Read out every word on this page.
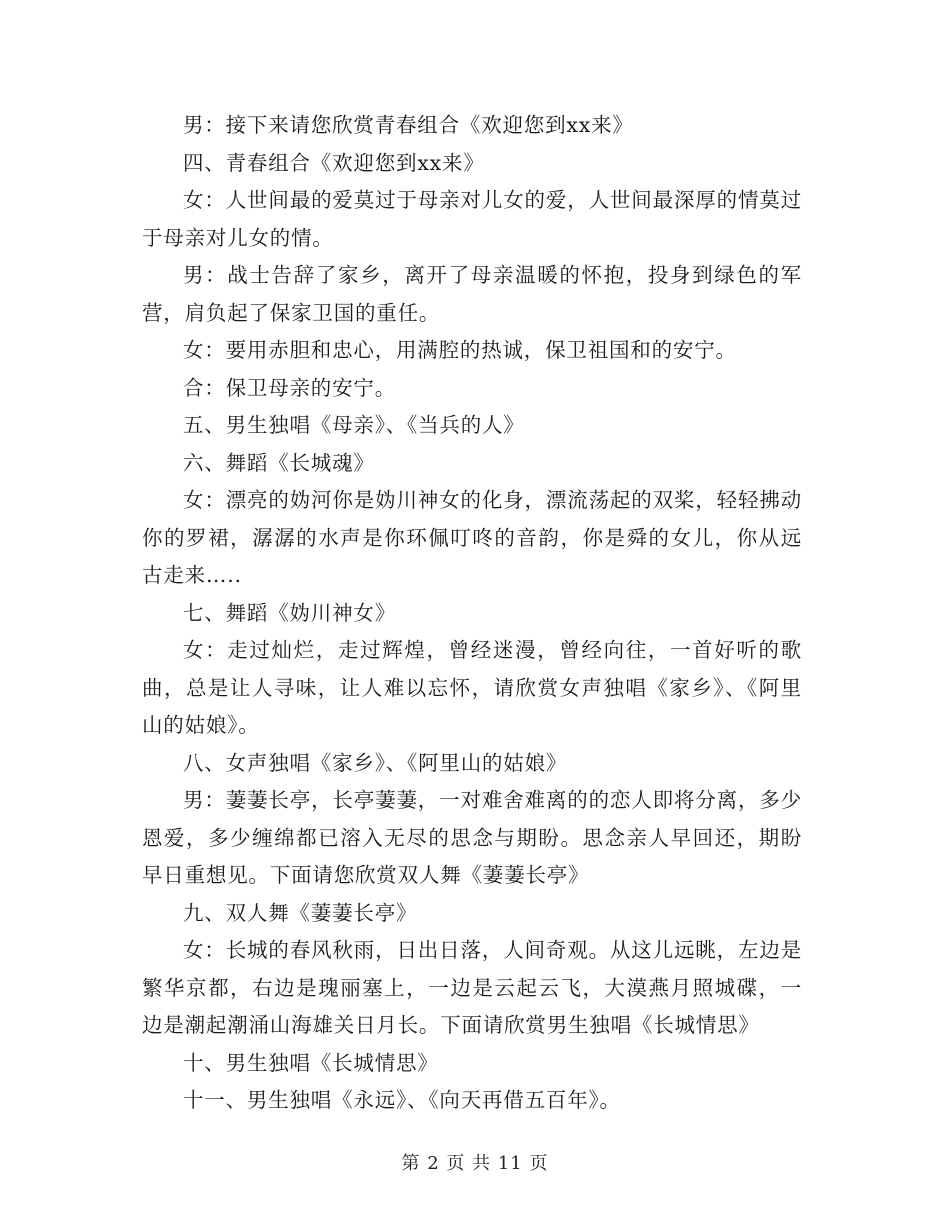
男：接下来请您欣赏青春组合《欢迎您到xx来》

四、青春组合《欢迎您到xx来》

女：人世间最的爱莫过于母亲对儿女的爱，人世间最深厚的情莫过于母亲对儿女的情。

男：战士告辞了家乡，离开了母亲温暖的怀抱，投身到绿色的军营，肩负起了保家卫国的重任。

女：要用赤胆和忠心，用满腔的热诚，保卫祖国和的安宁。

合：保卫母亲的安宁。

五、男生独唱《母亲》、《当兵的人》

六、舞蹈《长城魂》

女：漂亮的妫河你是妫川神女的化身，漂流荡起的双桨，轻轻拂动你的罗裙，潺潺的水声是你环佩叮咚的音韵，你是舜的女儿，你从远古走来…..

七、舞蹈《妫川神女》

女：走过灿烂，走过辉煌，曾经迷漫，曾经向往，一首好听的歌曲，总是让人寻味，让人难以忘怀，请欣赏女声独唱《家乡》、《阿里山的姑娘》。

八、女声独唱《家乡》、《阿里山的姑娘》

男：萋萋长亭，长亭萋萋，一对难舍难离的的恋人即将分离，多少恩爱，多少缠绵都已溶入无尽的思念与期盼。思念亲人早回还，期盼早日重想见。下面请您欣赏双人舞《萋萋长亭》

九、双人舞《萋萋长亭》

女：长城的春风秋雨，日出日落，人间奇观。从这儿远眺，左边是繁华京都，右边是瑰丽塞上，一边是云起云飞，大漠燕月照城碟，一边是潮起潮涌山海雄关日月长。下面请欣赏男生独唱《长城情思》

十、男生独唱《长城情思》

十一、男生独唱《永远》、《向天再借五百年》。

第 2 页 共 11 页
